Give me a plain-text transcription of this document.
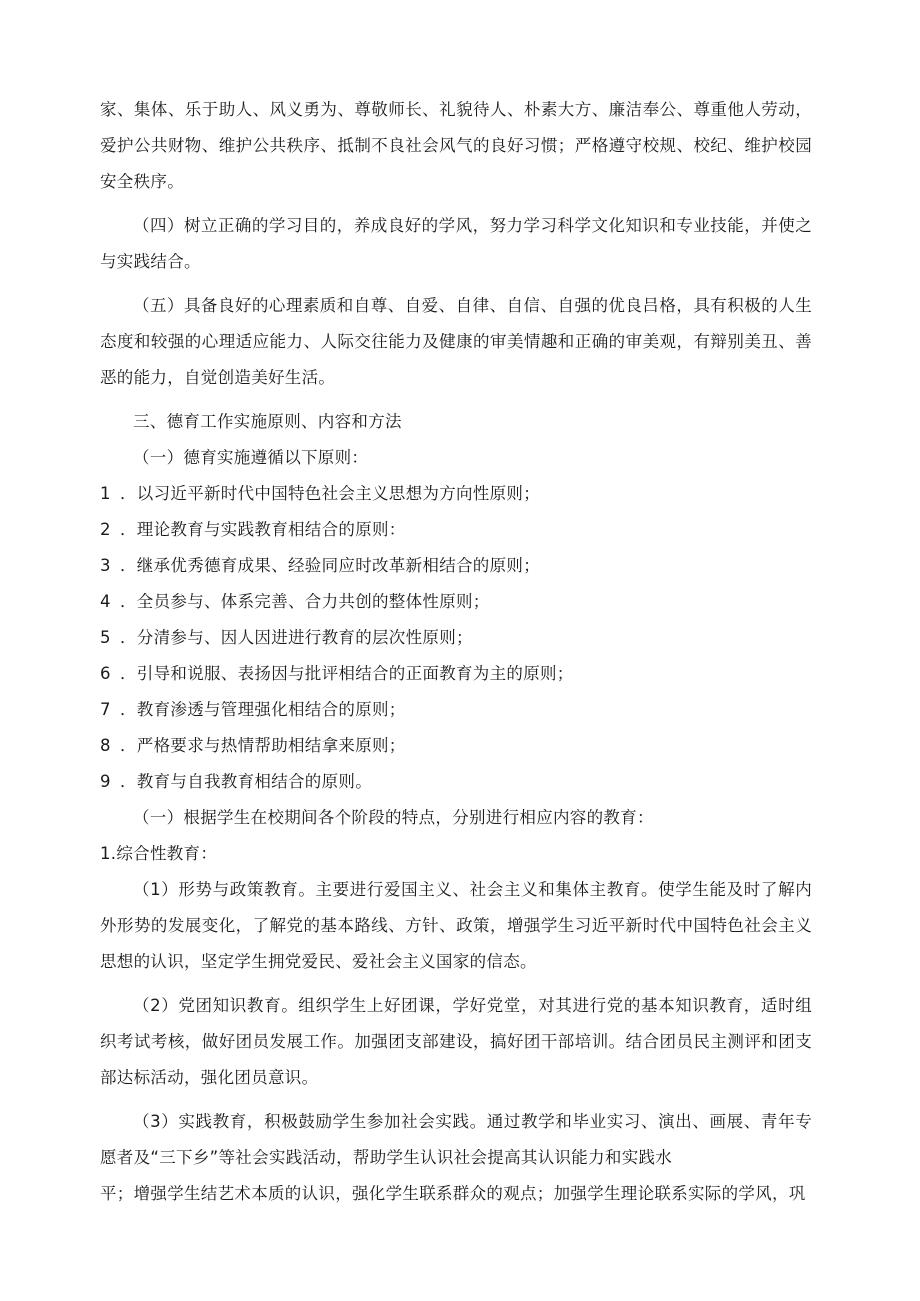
家、集体、乐于助人、风义勇为、尊敬师长、礼貌待人、朴素大方、廉洁奉公、尊重他人劳动，爱护公共财物、维护公共秩序、抵制不良社会风气的良好习惯；严格遵守校规、校纪、维护校园安全秩序。

（四）树立正确的学习目的，养成良好的学风，努力学习科学文化知识和专业技能，并使之与实践结合。

（五）具备良好的心理素质和自尊、自爱、自律、自信、自强的优良吕格，具有积极的人生态度和较强的心理适应能力、人际交往能力及健康的审美情趣和正确的审美观，有辩别美丑、善恶的能力，自觉创造美好生活。

三、德育工作实施原则、内容和方法

（一）德育实施遵循以下原则：

1 ．以习近平新时代中国特色社会主义思想为方向性原则；
2 ．理论教育与实践教育相结合的原则：
3 ．继承优秀德育成果、经验同应时改革新相结合的原则；
4 ．全员参与、体系完善、合力共创的整体性原则；
5 ．分清参与、因人因进进行教育的层次性原则；
6 ．引导和说服、表扬因与批评相结合的正面教育为主的原则；
7 ．教育渗透与管理强化相结合的原则；
8 ．严格要求与热情帮助相结拿来原则；
9 ．教育与自我教育相结合的原则。

（一）根据学生在校期间各个阶段的特点，分别进行相应内容的教育：

1.综合性教育：

（1）形势与政策教育。主要进行爱国主义、社会主义和集体主教育。使学生能及时了解内外形势的发展变化，了解党的基本路线、方针、政策，增强学生习近平新时代中国特色社会主义思想的认识，坚定学生拥党爱民、爱社会主义国家的信态。

（2）党团知识教育。组织学生上好团课，学好党堂，对其进行党的基本知识教育，适时组织考试考核，做好团员发展工作。加强团支部建设，搞好团干部培训。结合团员民主测评和团支部达标活动，强化团员意识。

（3）实践教育，积极鼓励学生参加社会实践。通过教学和毕业实习、演出、画展、青年专愿者及“三下乡”等社会实践活动，帮助学生认识社会提高其认识能力和实践水

平；增强学生结艺术本质的认识，强化学生联系群众的观点；加强学生理论联系实际的学风，巩
